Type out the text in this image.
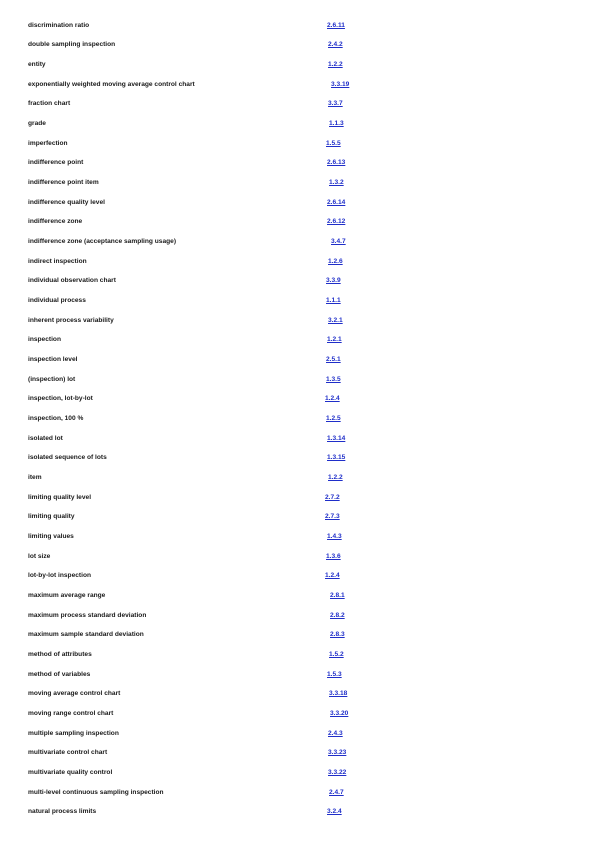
discrimination ratio	2.6.11
double sampling inspection	2.4.2
entity	1.2.2
exponentially weighted moving average control chart	3.3.19
fraction chart	3.3.7
grade	1.1.3
imperfection	1.5.5
indifference point	2.6.13
indifference point item	1.3.2
indifference quality level	2.6.14
indifference zone	2.6.12
indifference zone (acceptance sampling usage)	3.4.7
indirect inspection	1.2.6
individual observation chart	3.3.9
individual process	1.1.1
inherent process variability	3.2.1
inspection	1.2.1
inspection level	2.5.1
(inspection) lot	1.3.5
inspection, lot-by-lot	1.2.4
inspection, 100 %	1.2.5
isolated lot	1.3.14
isolated sequence of lots	1.3.15
item	1.2.2
limiting quality level	2.7.2
limiting quality	2.7.3
limiting values	1.4.3
lot size	1.3.6
lot-by-lot inspection	1.2.4
maximum average range	2.8.1
maximum process standard deviation	2.8.2
maximum sample standard deviation	2.8.3
method of attributes	1.5.2
method of variables	1.5.3
moving average control chart	3.3.18
moving range control chart	3.3.20
multiple sampling inspection	2.4.3
multivariate control chart	3.3.23
multivariate quality control	3.3.22
multi-level continuous sampling inspection	2.4.7
natural process limits	3.2.4
